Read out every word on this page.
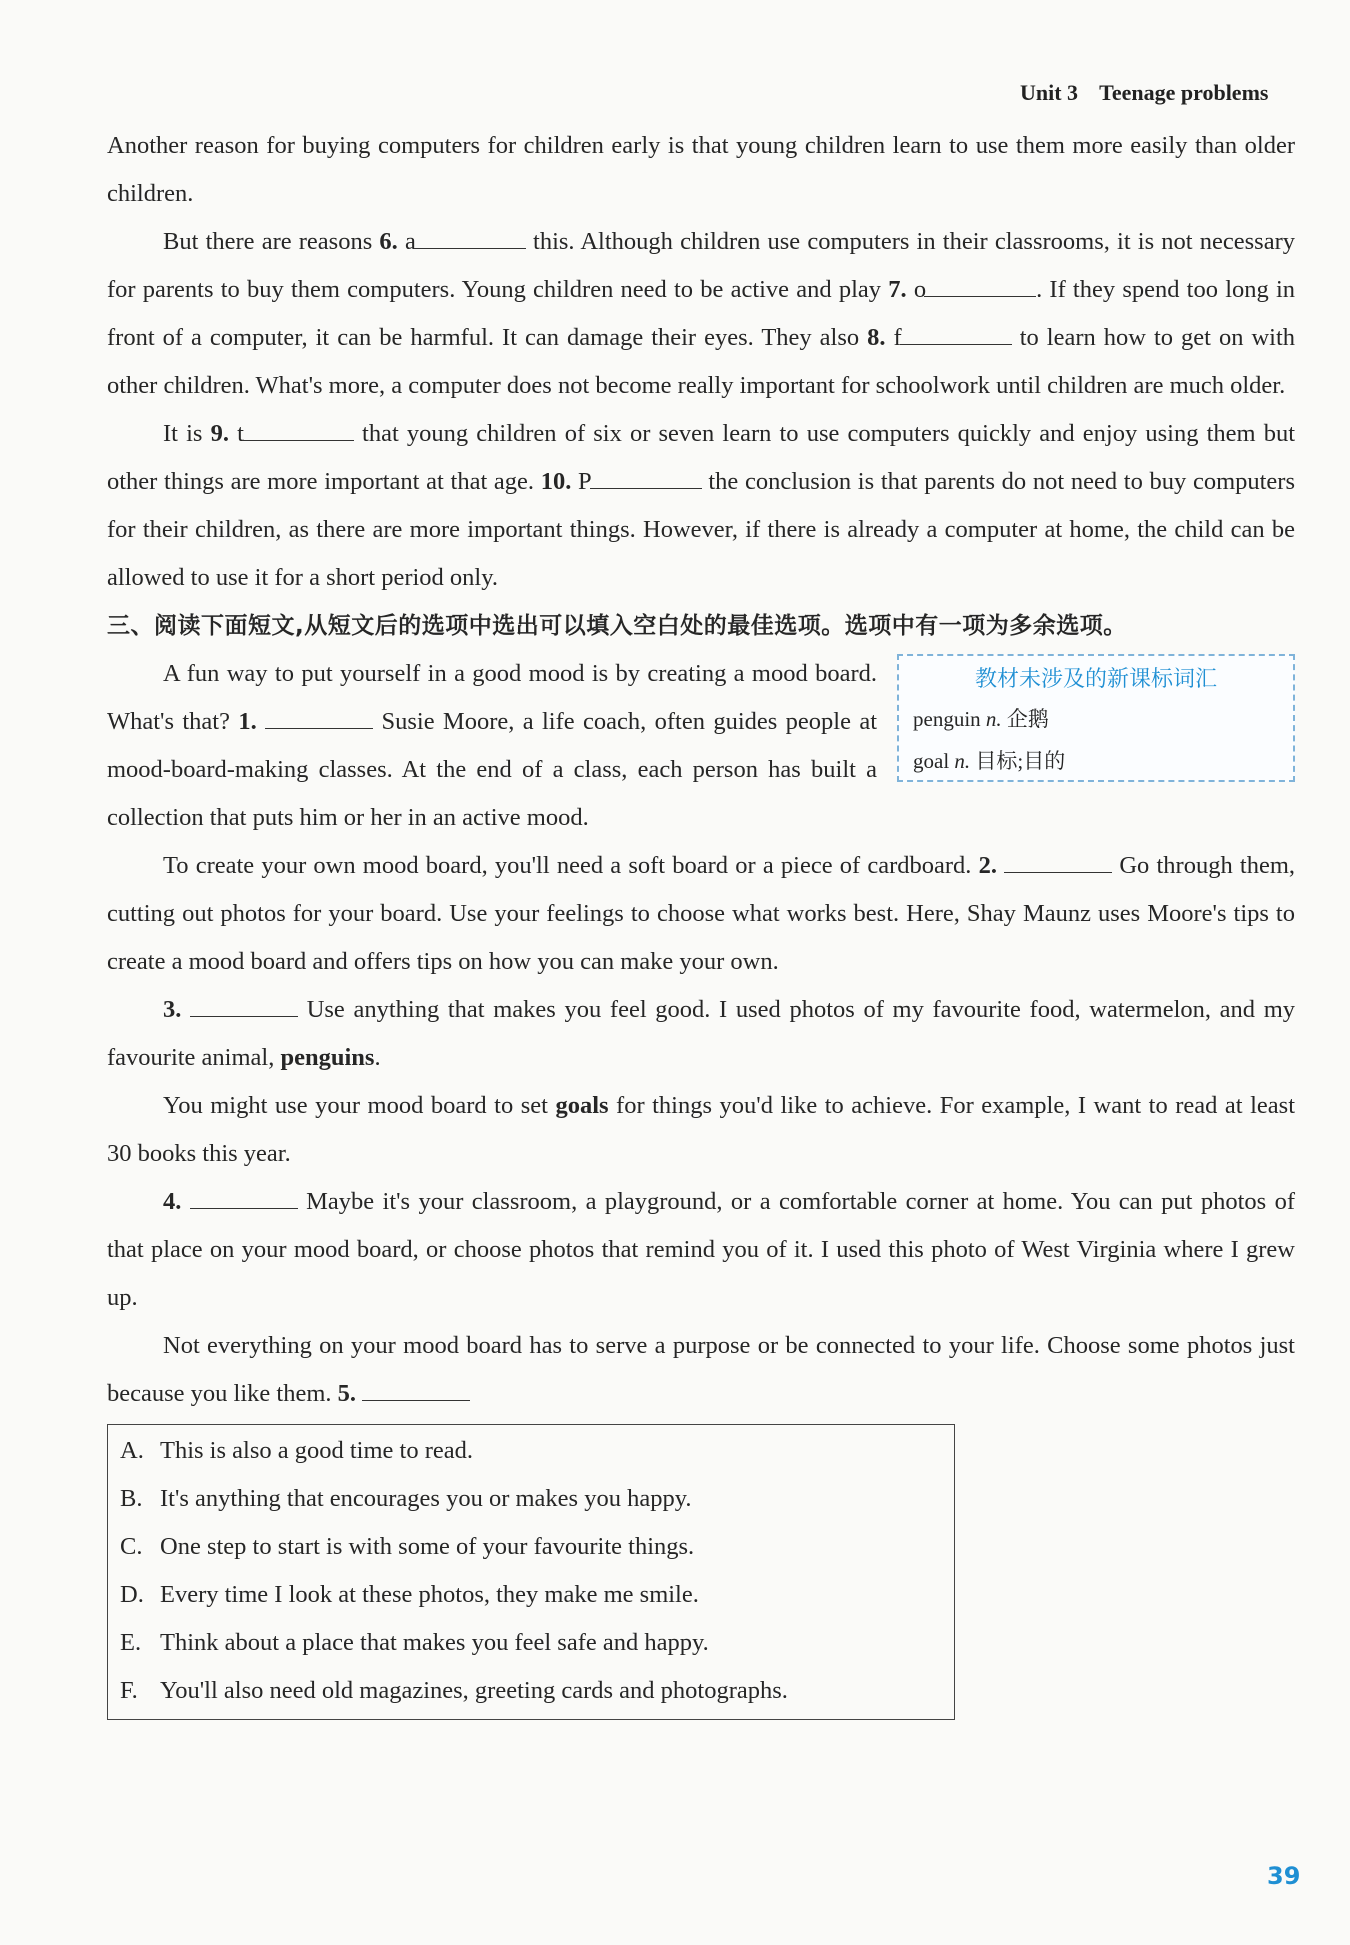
Unit 3 Teenage problems

Another reason for buying computers for children early is that young children learn to use them more easily than older children.

But there are reasons 6. a	this. Although children use computers in their classrooms, it is not necessary for parents to buy them computers. Young children need to be active and play 7. o	. If they spend too long in front of a computer, it can be harmful. It can damage their eyes. They also 8. f	to learn how to get on with other children. What's more, a computer does not become really important for schoolwork until children are much older.

It is 9. t	that young children of six or seven learn to use computers quickly and enjoy using them but other things are more important at that age. 10. P	the conclusion is that parents do not need to buy computers for their children, as there are more important things. However, if there is already a computer at home, the child can be allowed to use it for a short period only.

三、阅读下面短文,从短文后的选项中选出可以填入空白处的最佳选项。选项中有一项为多余选项。
教材未涉及的新课标词汇
penguin n. 企鹅
goal n. 目标;目的

A fun way to put yourself in a good mood is by creating a mood board. What's that? 1.	Susie Moore, a life coach, often guides people at mood-board-making classes. At the end of a class, each person has built a collection that puts him or her in an active mood.

To create your own mood board, you'll need a soft board or a piece of cardboard. 2.	Go through them, cutting out photos for your board. Use your feelings to choose what works best. Here, Shay Maunz uses Moore's tips to create a mood board and offers tips on how you can make your own.

3.	Use anything that makes you feel good. I used photos of my favourite food, watermelon, and my favourite animal, penguins.

You might use your mood board to set goals for things you'd like to achieve. For example, I want to read at least 30 books this year.

4.	Maybe it's your classroom, a playground, or a comfortable corner at home. You can put photos of that place on your mood board, or choose photos that remind you of it. I used this photo of West Virginia where I grew up.

Not everything on your mood board has to serve a purpose or be connected to your life. Choose some photos just because you like them. 5.

A. This is also a good time to read.
B. It's anything that encourages you or makes you happy.
C. One step to start is with some of your favourite things.
D. Every time I look at these photos, they make me smile.
E. Think about a place that makes you feel safe and happy.
F. You'll also need old magazines, greeting cards and photographs.
39
